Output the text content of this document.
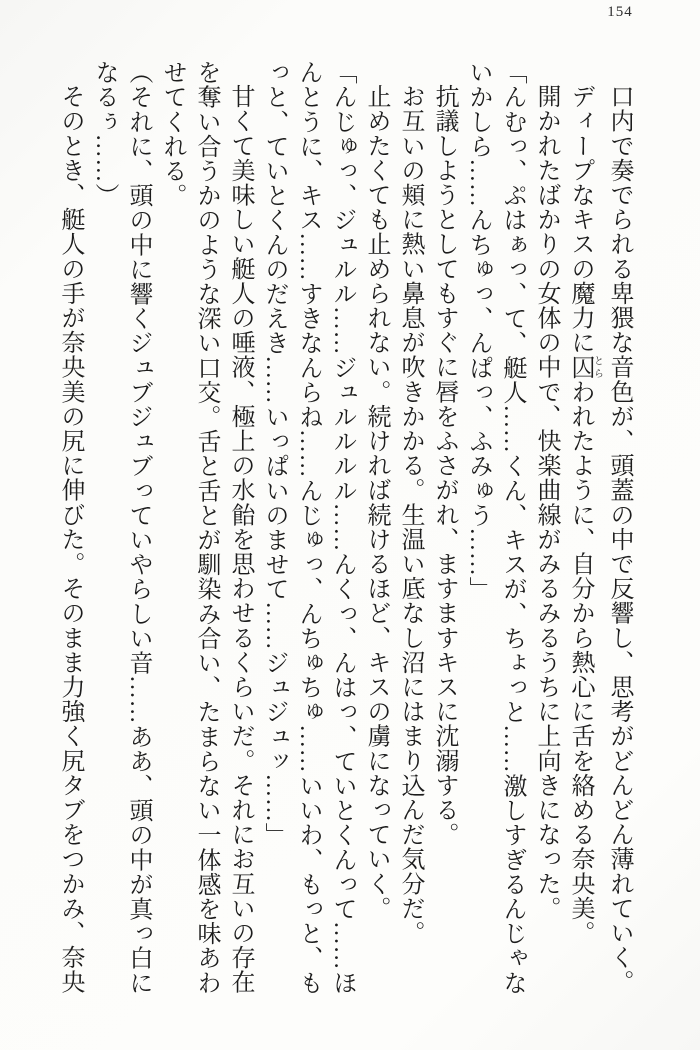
154

口内で奏でられる卑猥な音色が、頭蓋の中で反響し、思考がどんどん薄れていく。

ディープなキスの魔力に囚とらわれたように、自分から熱心に舌を絡める奈央美。

開かれたばかりの女体の中で、快楽曲線がみるみるうちに上向きになった。

「んむっ、ぷはぁっ、て、艇人……くん、キスが、ちょっと……激しすぎるんじゃないかしら……んちゅっ、んぱっ、ふみゅう……」

抗議しようとしてもすぐに唇をふさがれ、ますますキスに沈溺する。

お互いの頬に熱い鼻息が吹きかかる。生温い底なし沼にはまり込んだ気分だ。

止めたくても止められない。続ければ続けるほど、キスの虜になっていく。

「んじゅっ、ジュルル……ジュルルルル……んくっ、んはっ、ていとくんって……ほんとうに、キス……すきなんらね……んじゅっ、んちゅちゅ……いいわ、もっと、もっと、ていとくんのだえき……いっぱいのませて……ジュジュッ……」

甘くて美味しい艇人の唾液、極上の水飴を思わせるくらいだ。それにお互いの存在を奪い合うかのような深い口交。舌と舌とが馴染み合い、たまらない一体感を味あわせてくれる。

（それに、頭の中に響くジュブジュブっていやらしい音……ああ、頭の中が真っ白になるぅ……）

そのとき、艇人の手が奈央美の尻に伸びた。そのまま力強く尻タブをつかみ、奈央
